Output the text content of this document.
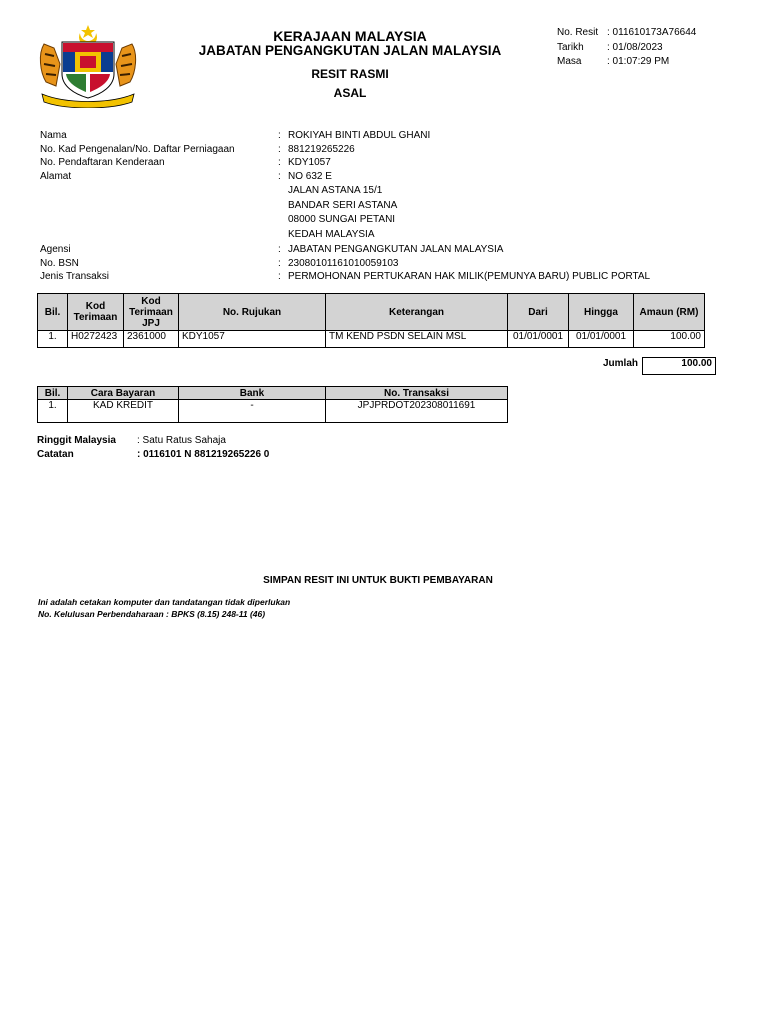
KERAJAAN MALAYSIA
JABATAN PENGANGKUTAN JALAN MALAYSIA
RESIT RASMI
ASAL
No. Resit : 011610173A76644
Tarikh	: 01/08/2023
Masa	: 01:07:29 PM
Nama	: ROKIYAH BINTI ABDUL GHANI
No. Kad Pengenalan/No. Daftar Perniagaan	: 881219265226
No. Pendaftaran Kenderaan	: KDY1057
Alamat	: NO 632 E
JALAN ASTANA 15/1
BANDAR SERI ASTANA
08000 SUNGAI PETANI
KEDAH MALAYSIA
Agensi	: JABATAN PENGANGKUTAN JALAN MALAYSIA
No. BSN	: 23080101161010059103
Jenis Transaksi	: PERMOHONAN PERTUKARAN HAK MILIK(PEMUNYA BARU) PUBLIC PORTAL
Bil.	Kod Terimaan	Kod Terimaan JPJ	No. Rujukan	Keterangan	Dari	Hingga	Amaun (RM)
1.	H0272423	2361000	KDY1057	TM KEND PSDN SELAIN MSL	01/01/0001	01/01/0001	100.00
Jumlah	100.00
Bil.	Cara Bayaran	Bank	No. Transaksi
1.	KAD KREDIT	-	JPJPRDOT202308011691
Ringgit Malaysia	: Satu Ratus Sahaja
Catatan	: 0116101 N 881219265226 0
SIMPAN RESIT INI UNTUK BUKTI PEMBAYARAN
Ini adalah cetakan komputer dan tandatangan tidak diperlukan
No. Kelulusan Perbendaharaan : BPKS (8.15) 248-11 (46)
